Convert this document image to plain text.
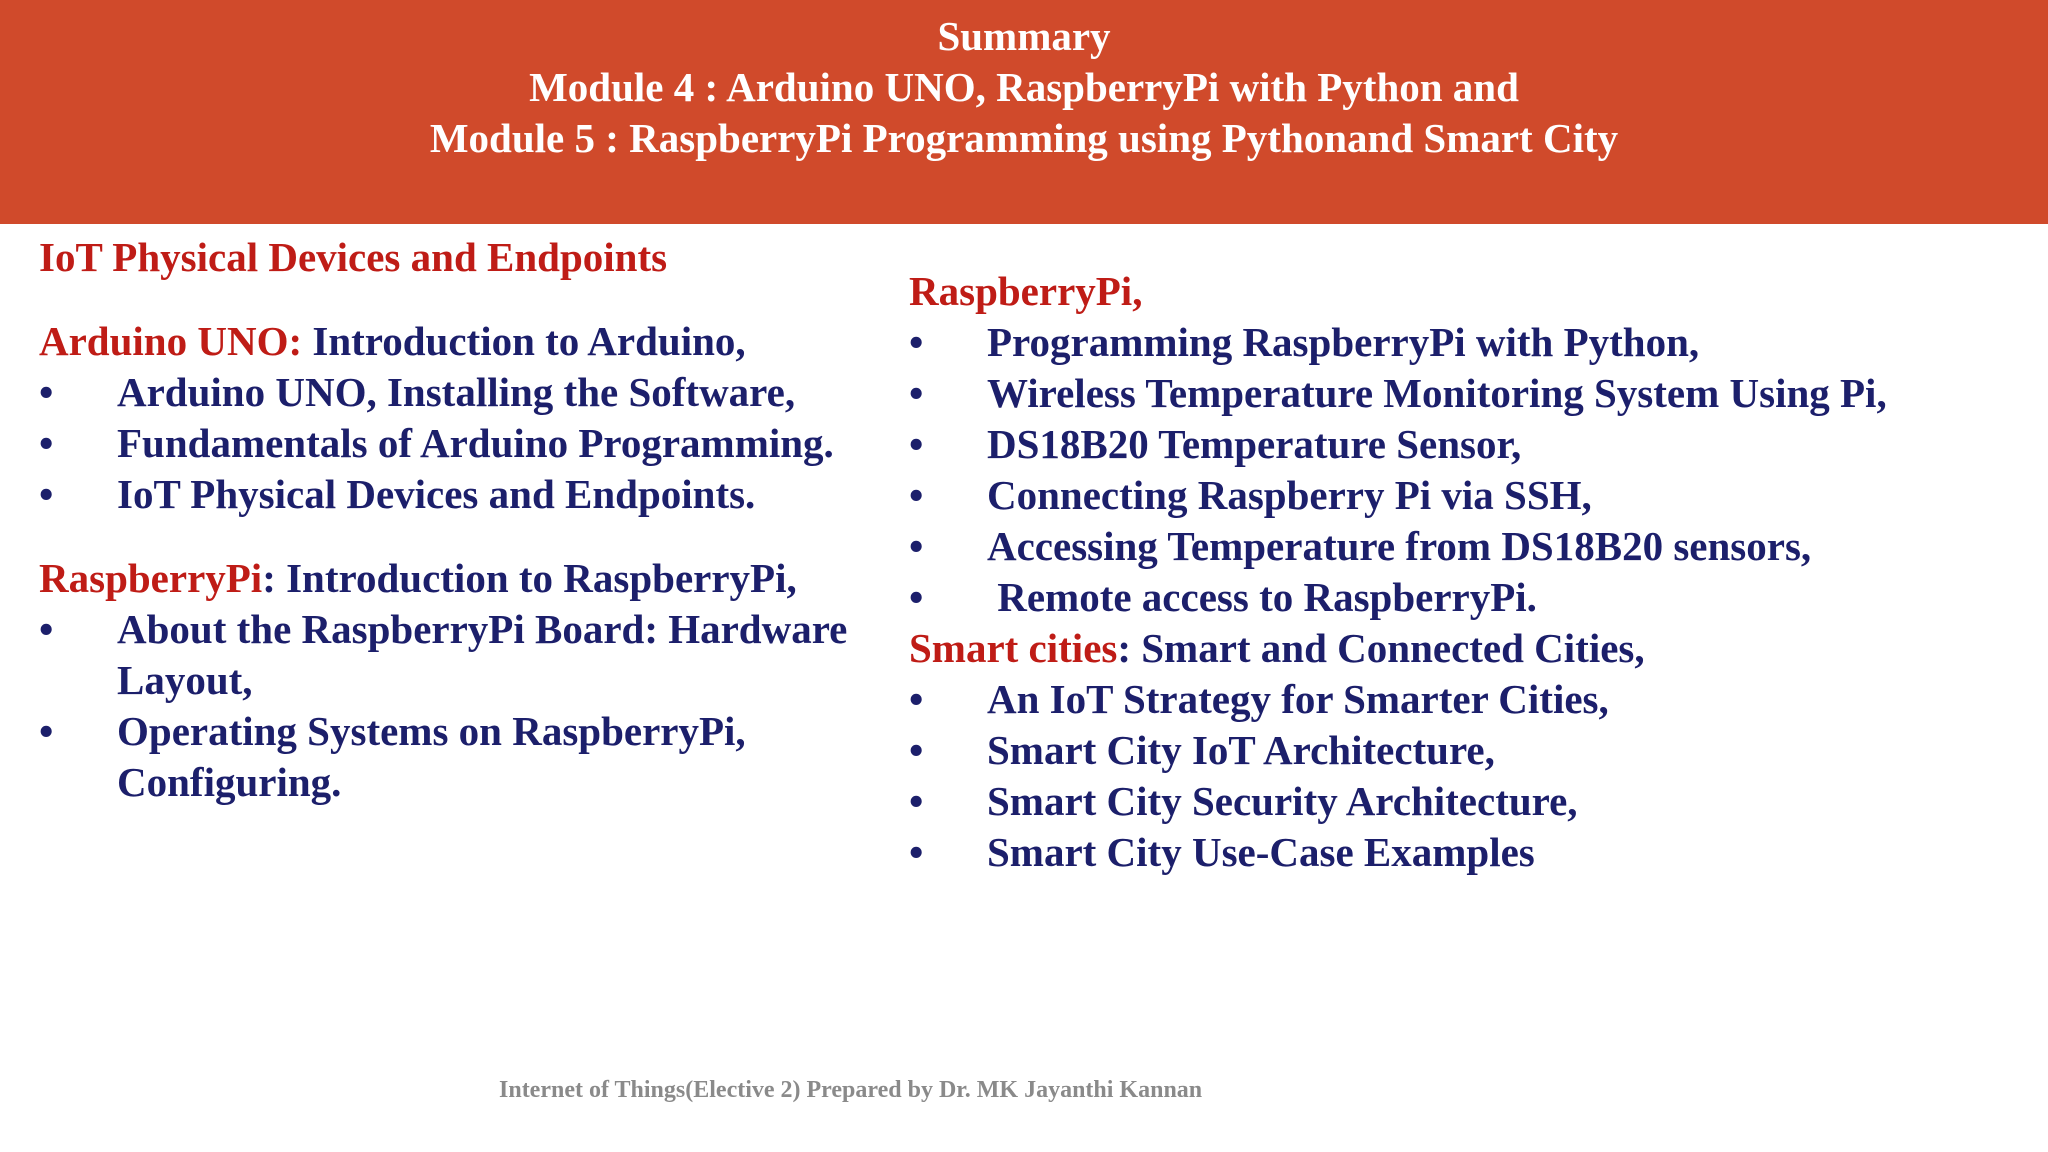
Summary
Module 4 : Arduino UNO, RaspberryPi with Python and
Module 5 : RaspberryPi Programming using Pythonand Smart City
IoT Physical Devices and Endpoints
Arduino UNO: Introduction to Arduino,
• Arduino UNO, Installing the Software,
• Fundamentals of Arduino Programming.
• IoT Physical Devices and Endpoints.
RaspberryPi: Introduction to RaspberryPi,
• About the RaspberryPi Board: Hardware Layout,
• Operating Systems on RaspberryPi, Configuring.
RaspberryPi,
• Programming RaspberryPi with Python,
• Wireless Temperature Monitoring System Using Pi,
• DS18B20 Temperature Sensor,
• Connecting Raspberry Pi via SSH,
• Accessing Temperature from DS18B20 sensors,
• Remote access to RaspberryPi.
Smart cities: Smart and Connected Cities,
• An IoT Strategy for Smarter Cities,
• Smart City IoT Architecture,
• Smart City Security Architecture,
• Smart City Use-Case Examples
Internet of Things(Elective 2) Prepared by Dr. MK Jayanthi Kannan
